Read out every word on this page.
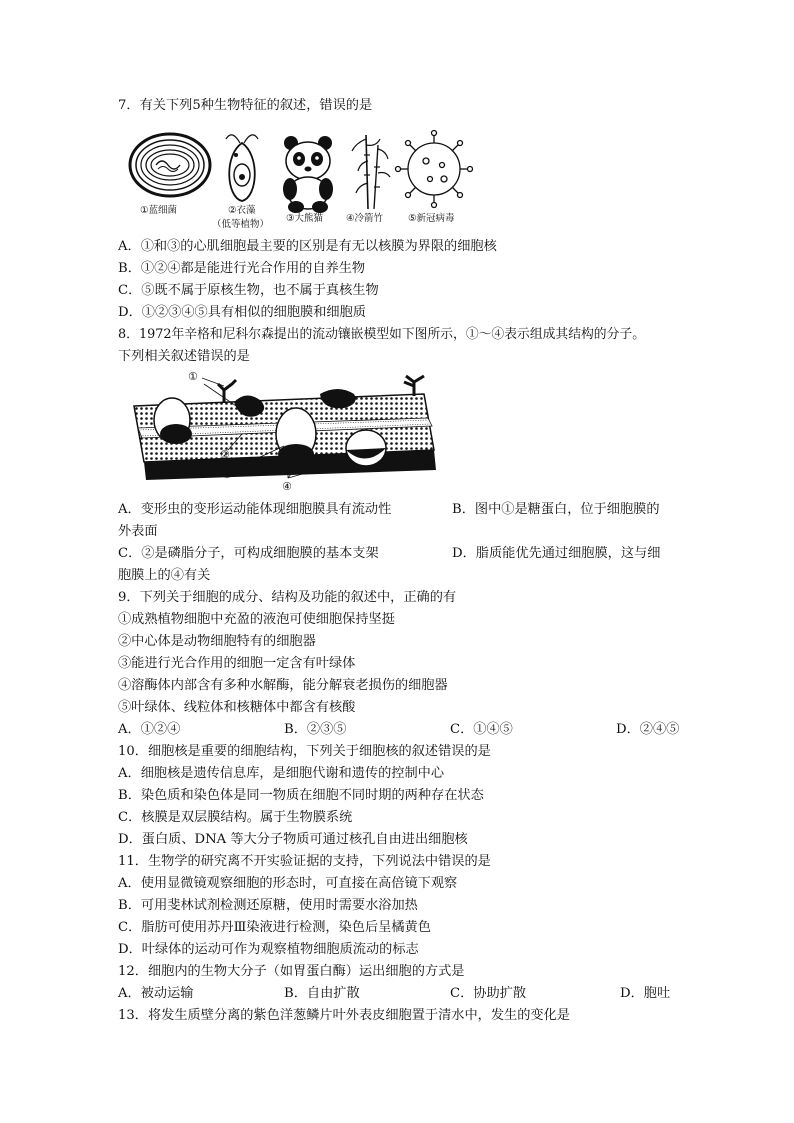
7．有关下列5种生物特征的叙述，错误的是
①蓝细菌	②衣藻
（低等植物）
③大熊猫 ④冷箭竹	⑤新冠病毒
A．①和③的心肌细胞最主要的区别是有无以核膜为界限的细胞核
B．①②④都是能进行光合作用的自养生物
C．⑤既不属于原核生物，也不属于真核生物
D．①②③④⑤具有相似的细胞膜和细胞质
8．1972年辛格和尼科尔森提出的流动镶嵌模型如下图所示，①～④表示组成其结构的分子。
下列相关叙述错误的是
①
②
③
④
A．变形虫的变形运动能体现细胞膜具有流动性	B．图中①是糖蛋白，位于细胞膜的
外表面
C．②是磷脂分子，可构成细胞膜的基本支架	D．脂质能优先通过细胞膜，这与细
胞膜上的④有关
9．下列关于细胞的成分、结构及功能的叙述中，正确的有
①成熟植物细胞中充盈的液泡可使细胞保持坚挺
②中心体是动物细胞特有的细胞器
③能进行光合作用的细胞一定含有叶绿体
④溶酶体内部含有多种水解酶，能分解衰老损伤的细胞器
⑤叶绿体、线粒体和核糖体中都含有核酸
A．①②④	B．②③⑤	C．①④⑤	D．②④⑤
10．细胞核是重要的细胞结构，下列关于细胞核的叙述错误的是
A．细胞核是遗传信息库，是细胞代谢和遗传的控制中心
B．染色质和染色体是同一物质在细胞不同时期的两种存在状态
C．核膜是双层膜结构。属于生物膜系统
D．蛋白质、DNA 等大分子物质可通过核孔自由进出细胞核
11．生物学的研究离不开实验证据的支持，下列说法中错误的是
A．使用显微镜观察细胞的形态时，可直接在高倍镜下观察
B．可用斐林试剂检测还原糖，使用时需要水浴加热
C．脂肪可使用苏丹Ⅲ染液进行检测，染色后呈橘黄色
D．叶绿体的运动可作为观察植物细胞质流动的标志
12．细胞内的生物大分子（如胃蛋白酶）运出细胞的方式是
A．被动运输	B．自由扩散	C．协助扩散	D．胞吐
13．将发生质壁分离的紫色洋葱鳞片叶外表皮细胞置于清水中，发生的变化是
